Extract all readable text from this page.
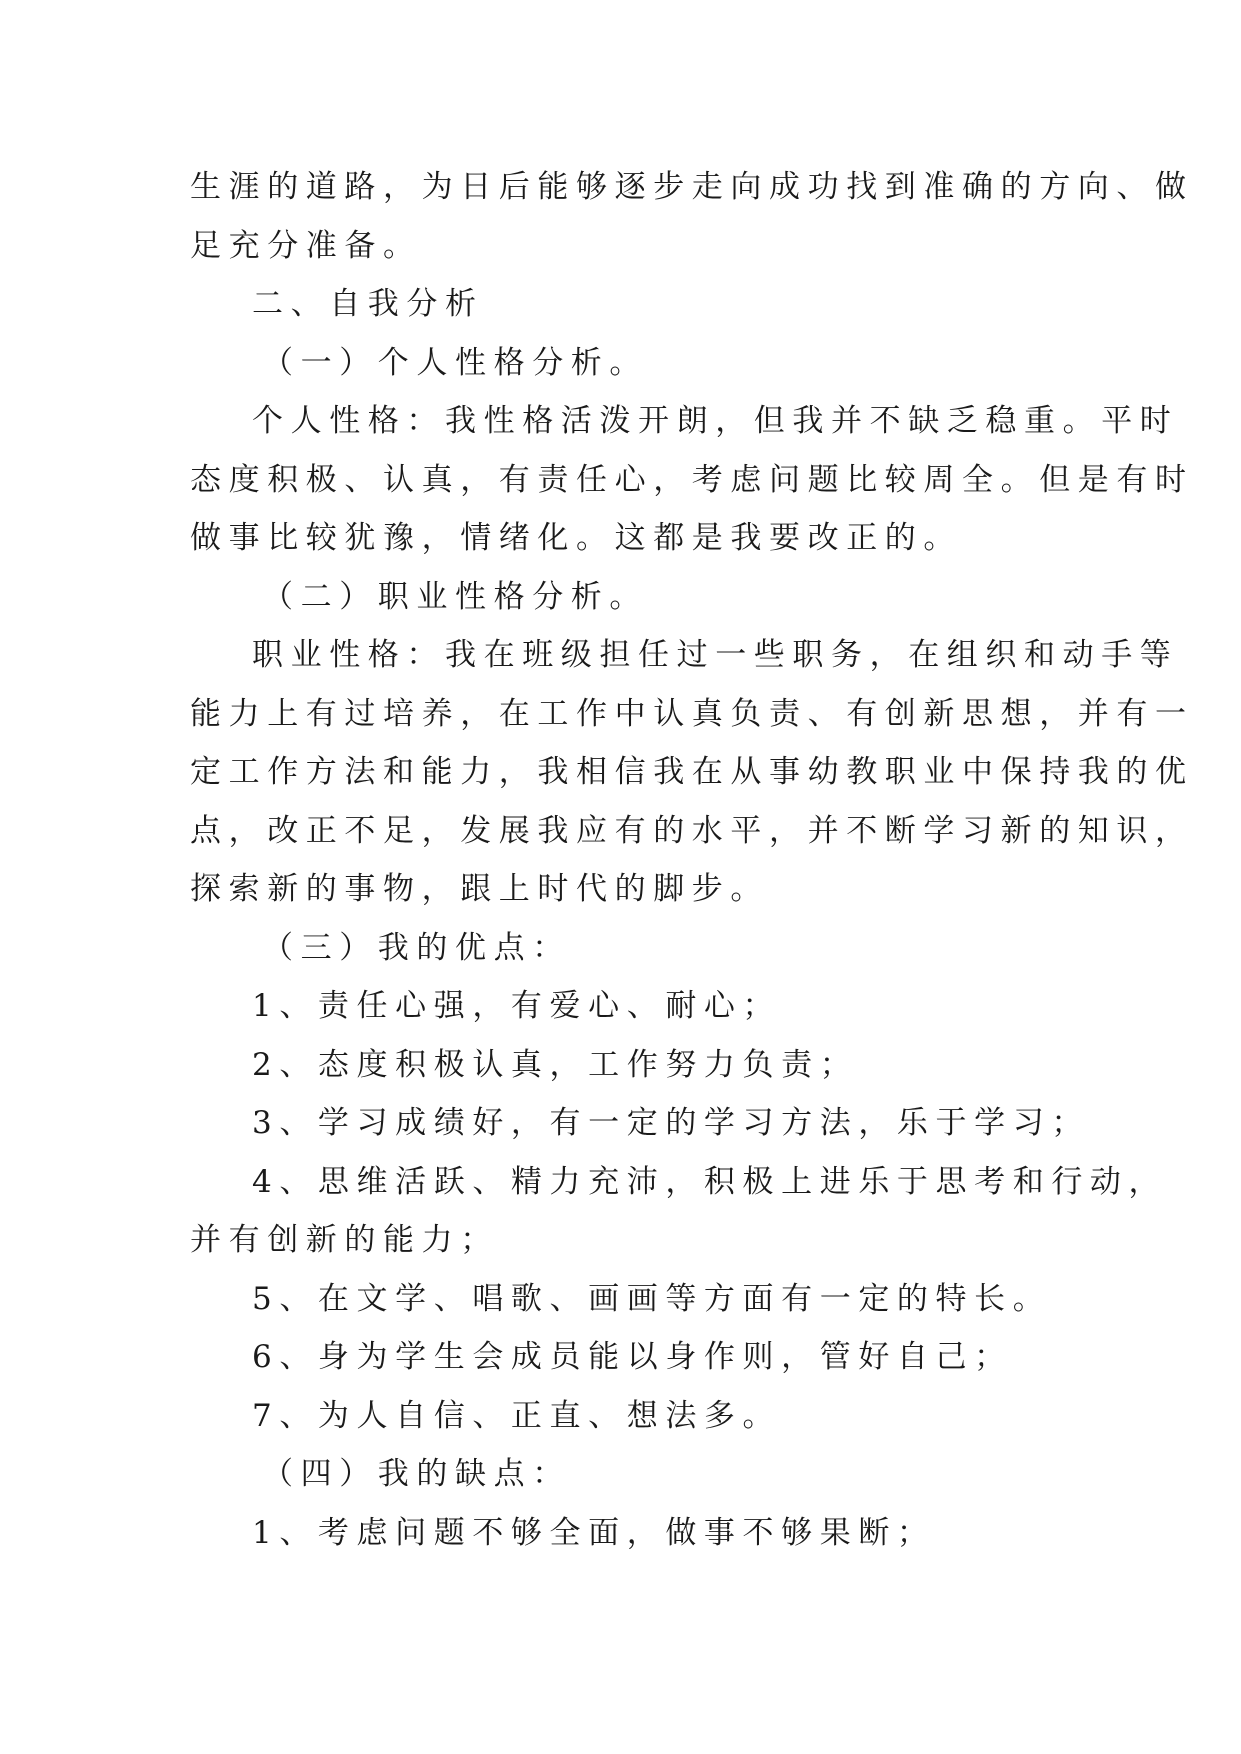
生涯的道路，为日后能够逐步走向成功找到准确的方向、做
足充分准备。
二、自我分析
（一）个人性格分析。
个人性格：我性格活泼开朗，但我并不缺乏稳重。平时
态度积极、认真，有责任心，考虑问题比较周全。但是有时
做事比较犹豫，情绪化。这都是我要改正的。
（二）职业性格分析。
职业性格：我在班级担任过一些职务，在组织和动手等
能力上有过培养，在工作中认真负责、有创新思想，并有一
定工作方法和能力，我相信我在从事幼教职业中保持我的优
点，改正不足，发展我应有的水平，并不断学习新的知识，
探索新的事物，跟上时代的脚步。
（三）我的优点：
1、责任心强，有爱心、耐心；
2、态度积极认真，工作努力负责；
3、学习成绩好，有一定的学习方法，乐于学习；
4、思维活跃、精力充沛，积极上进乐于思考和行动，
并有创新的能力；
5、在文学、唱歌、画画等方面有一定的特长。
6、身为学生会成员能以身作则，管好自己；
7、为人自信、正直、想法多。
（四）我的缺点：
1、考虑问题不够全面，做事不够果断；
